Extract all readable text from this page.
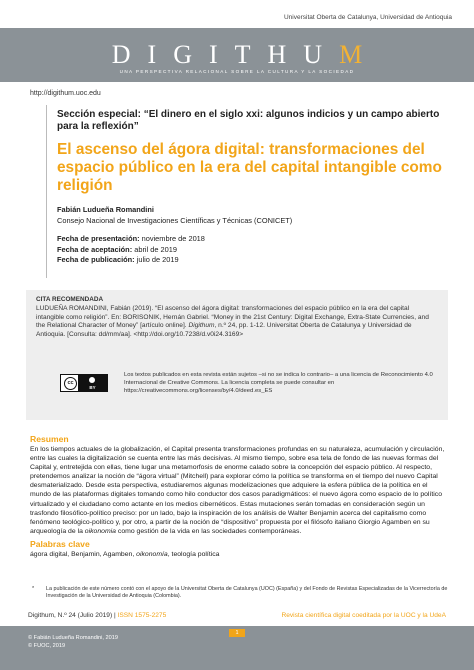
Universitat Oberta de Catalunya, Universidad de Antioquia
DIGITHUM
UNA PERSPECTIVA RELACIONAL SOBRE LA CULTURA Y LA SOCIEDAD
http://digithum.uoc.edu
Sección especial: “El dinero en el siglo xxi: algunos indicios y un campo abierto para la reflexión”
El ascenso del ágora digital: transformaciones del espacio público en la era del capital intangible como religión
Fabián Ludueña Romandini
Consejo Nacional de Investigaciones Científicas y Técnicas (CONICET)
Fecha de presentación: noviembre de 2018
Fecha de aceptación: abril de 2019
Fecha de publicación: julio de 2019
CITA RECOMENDADA
LUDUEÑA ROMANDINI, Fabián (2019). “El ascenso del ágora digital: transformaciones del espacio público en la era del capital intangible como religión”. En: BORISONIK, Hernán Gabriel. “Money in the 21st Century: Digital Exchange, Extra-State Currencies, and the Relational Character of Money” [artículo online]. Digithum, n.º 24, pp. 1-12. Universitat Oberta de Catalunya y Universidad de Antioquia. [Consulta: dd/mm/aa]. <http://doi.org/10.7238/d.v0i24.3169>
cc
BY
Los textos publicados en esta revista están sujetos –si no se indica lo contrario– a una licencia de Reconocimiento 4.0 Internacional de Creative Commons. La licencia completa se puede consultar en https://creativecommons.org/licenses/by/4.0/deed.es_ES
Resumen
En los tiempos actuales de la globalización, el Capital presenta transformaciones profundas en su naturaleza, acumulación y circulación, entre las cuales la digitalización se cuenta entre las más decisivas. Al mismo tiempo, sobre esa tela de fondo de las nuevas formas del Capital y, entretejida con ellas, tiene lugar una metamorfosis de enorme calado sobre la concepción del espacio público. Al respecto, pretendemos analizar la noción de “ágora virtual” (Mitchell) para explorar cómo la política se transforma en el tiempo del nuevo Capital desmaterializado. Desde esta perspectiva, estudiaremos algunas modelizaciones que adquiere la esfera pública de la política en el mundo de las plataformas digitales tomando como hilo conductor dos casos paradigmáticos: el nuevo ágora como espacio de lo político virtualizado y el ciudadano como actante en los medios cibernéticos. Estas mutaciones serán tomadas en consideración según un trasfondo filosófico-político preciso: por un lado, bajo la inspiración de los análisis de Walter Benjamin acerca del capitalismo como fenómeno teológico-político y, por otro, a partir de la noción de “dispositivo” propuesta por el filósofo italiano Giorgio Agamben en su arqueología de la oikonomia como gestión de la vida en las sociedades contemporáneas.
Palabras clave
ágora digital, Benjamin, Agamben, oikonomía, teología política
* La publicación de este número contó con el apoyo de la Universitat Oberta de Catalunya (UOC) (España) y del Fondo de Revistas Especializadas de la Vicerrectoría de Investigación de la Universidad de Antioquia (Colombia).
Digithum, N.º 24 (Julio 2019) | ISSN 1575-2275	Revista científica digital coeditada por la UOC y la UdeA
1
© Fabián Ludueña Romandini, 2019
© FUOC, 2019
